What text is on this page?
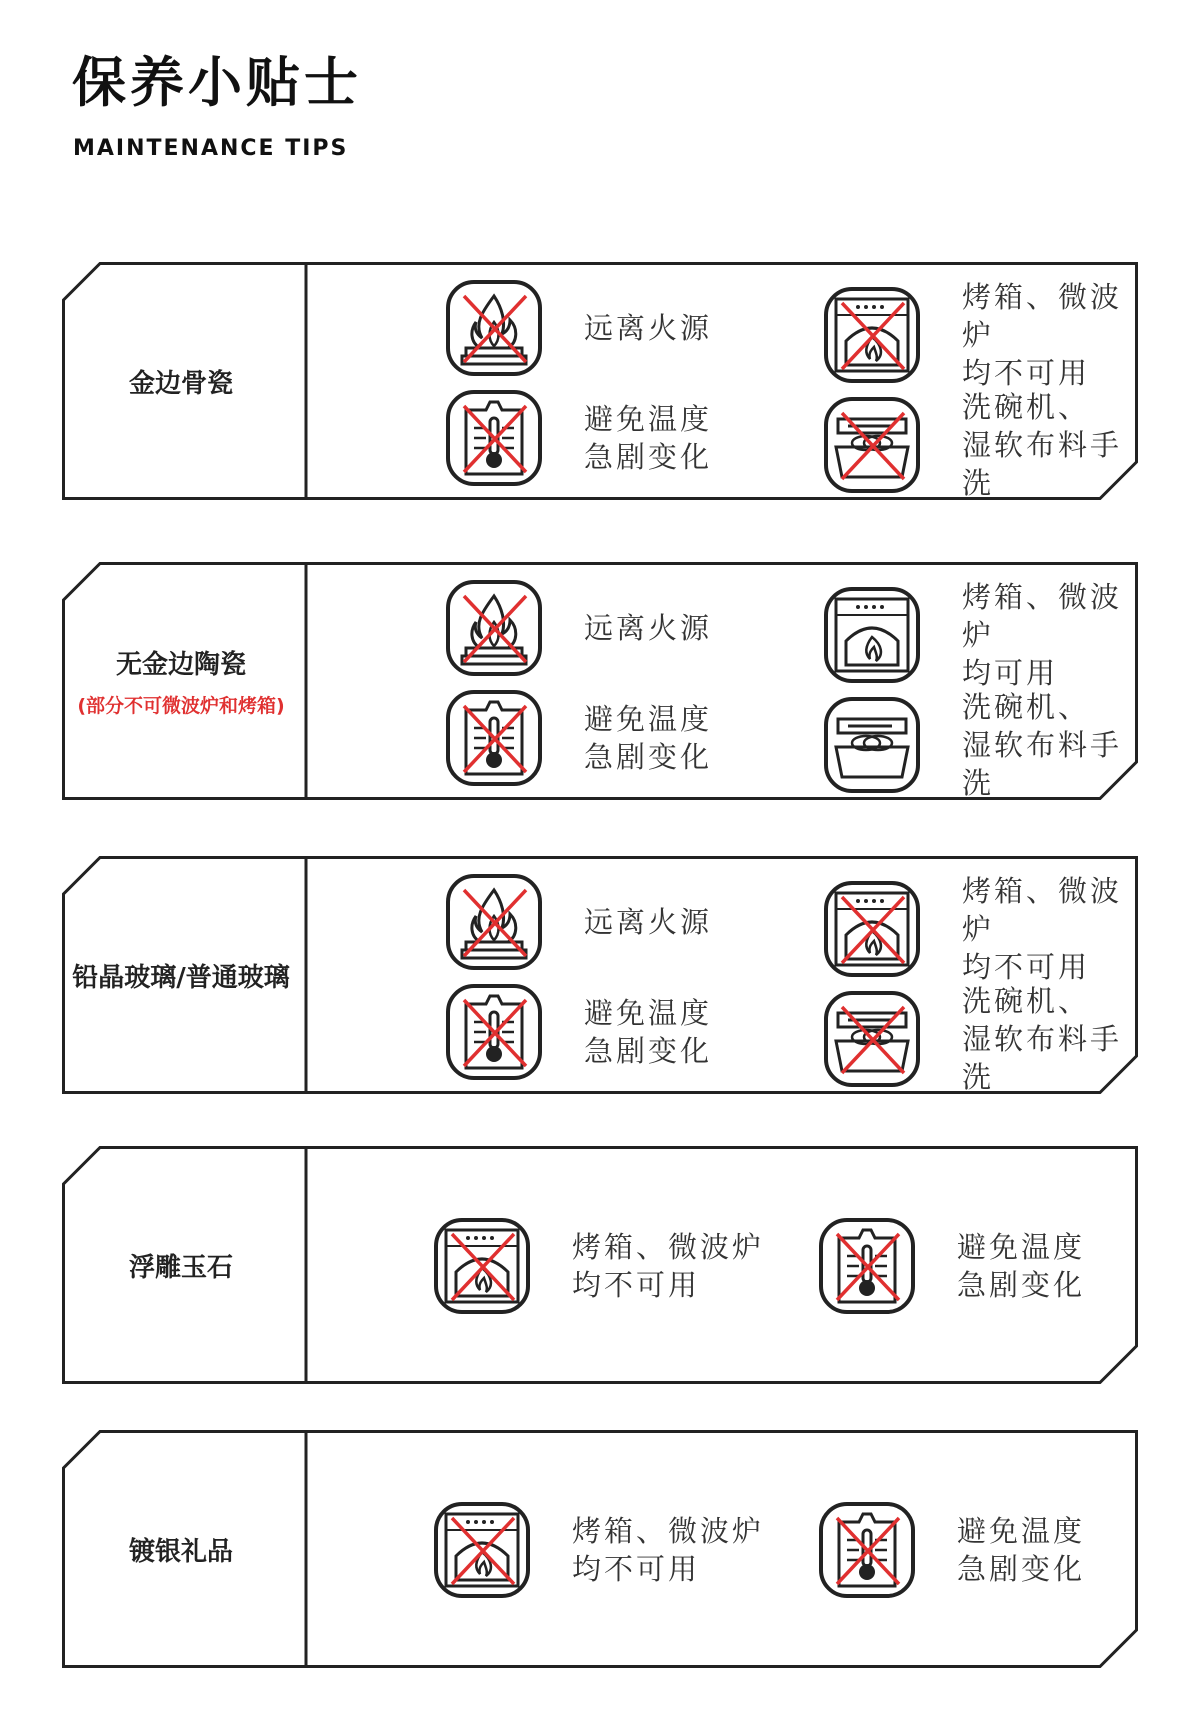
保养小贴士
MAINTENANCE TIPS
金边骨瓷
远离火源
烤箱、微波炉
均不可用
避免温度
急剧变化
洗碗机、
湿软布料手洗
无金边陶瓷
(部分不可微波炉和烤箱)
远离火源
烤箱、微波炉
均可用
避免温度
急剧变化
洗碗机、
湿软布料手洗
铅晶玻璃/普通玻璃
远离火源
烤箱、微波炉
均不可用
避免温度
急剧变化
洗碗机、
湿软布料手洗
浮雕玉石
烤箱、微波炉
均不可用
避免温度
急剧变化
镀银礼品
烤箱、微波炉
均不可用
避免温度
急剧变化
